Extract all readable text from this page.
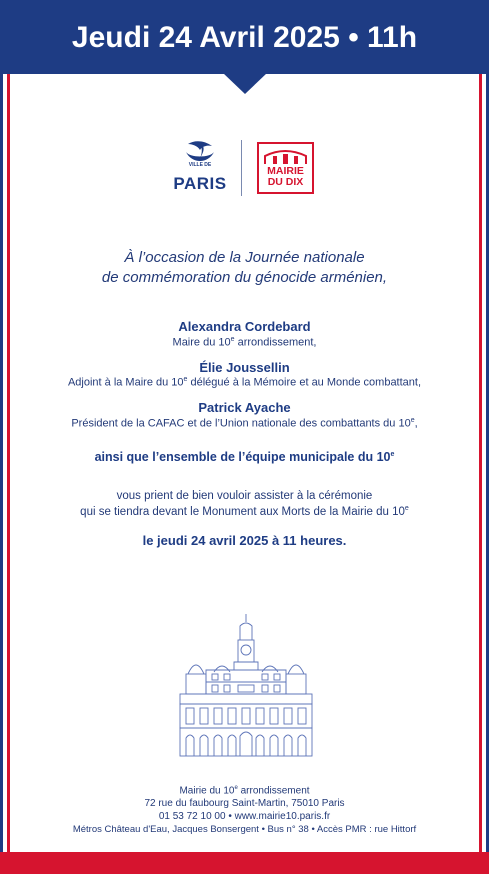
Jeudi 24 Avril 2025 • 11h
VILLE DE
PARIS
MAIRIE
DU DIX
À l’occasion de la Journée nationale
de commémoration du génocide arménien,
Alexandra Cordebard
Maire du 10e arrondissement,
Élie Joussellin
Adjoint à la Maire du 10e délégué à la Mémoire et au Monde combattant,
Patrick Ayache
Président de la CAFAC et de l’Union nationale des combattants du 10e,
ainsi que l’ensemble de l’équipe municipale du 10e
vous prient de bien vouloir assister à la cérémonie
qui se tiendra devant le Monument aux Morts de la Mairie du 10e
le jeudi 24 avril 2025 à 11 heures.
Mairie du 10e arrondissement
72 rue du faubourg Saint-Martin, 75010 Paris
01 53 72 10 00 • www.mairie10.paris.fr
Métros Château d'Eau, Jacques Bonsergent • Bus n° 38 • Accès PMR : rue Hittorf
